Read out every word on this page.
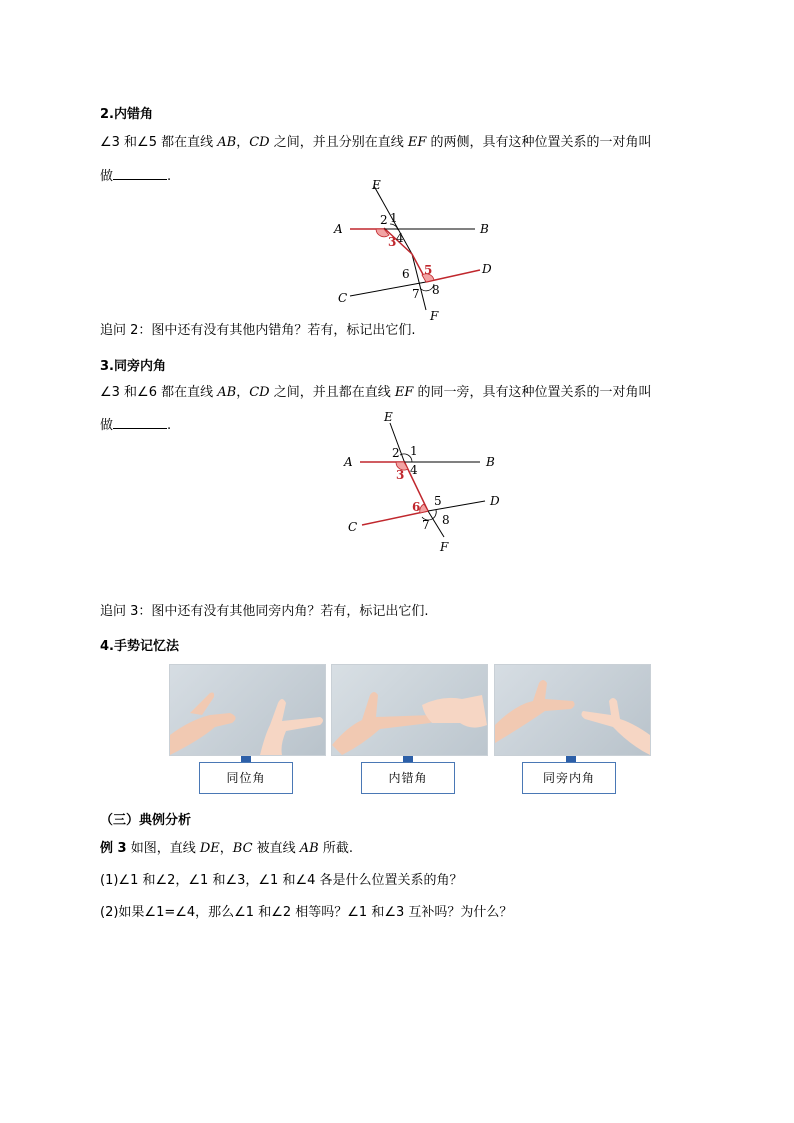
2.内错角
∠3 和∠5 都在直线 AB，CD 之间，并且分别在直线 EF 的两侧，具有这种位置关系的一对角叫
做	.
E
A	B
C
D
F
1
2
3 4
5
6
7 8
追问 2：图中还有没有其他内错角？若有，标记出它们.
3.同旁内角
∠3 和∠6 都在直线 AB，CD 之间，并且都在直线 EF 的同一旁，具有这种位置关系的一对角叫
做	.
E
A	B
C
D
F
1
2
3 4
5
6
7 8
追问 3：图中还有没有其他同旁内角？若有，标记出它们.
4.手势记忆法
同位角	内错角	同旁内角
（三）典例分析
例 3 如图，直线 DE，BC 被直线 AB 所截.
(1)∠1 和∠2，∠1 和∠3，∠1 和∠4 各是什么位置关系的角？
(2)如果∠1=∠4，那么∠1 和∠2 相等吗？∠1 和∠3 互补吗？为什么？
